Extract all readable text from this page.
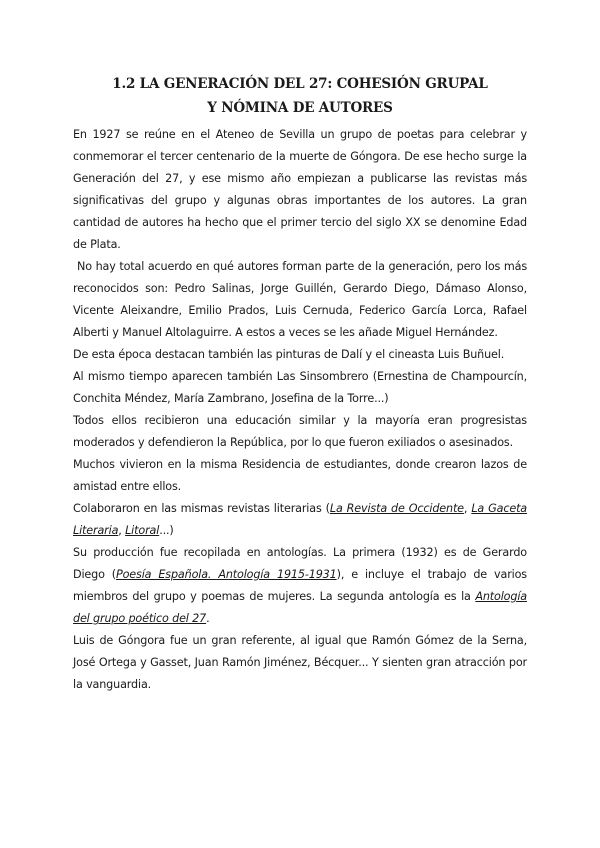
1.2 LA GENERACIÓN DEL 27: COHESIÓN GRUPAL
Y NÓMINA DE AUTORES

En 1927 se reúne en el Ateneo de Sevilla un grupo de poetas para celebrar y conmemorar el tercer centenario de la muerte de Góngora. De ese hecho surge la Generación del 27, y ese mismo año empiezan a publicarse las revistas más significativas del grupo y algunas obras importantes de los autores. La gran cantidad de autores ha hecho que el primer tercio del siglo XX se denomine Edad de Plata.

No hay total acuerdo en qué autores forman parte de la generación, pero los más reconocidos son: Pedro Salinas, Jorge Guillén, Gerardo Diego, Dámaso Alonso, Vicente Aleixandre, Emilio Prados, Luis Cernuda, Federico García Lorca, Rafael Alberti y Manuel Altolaguirre. A estos a veces se les añade Miguel Hernández.

De esta época destacan también las pinturas de Dalí y el cineasta Luis Buñuel.

Al mismo tiempo aparecen también Las Sinsombrero (Ernestina de Champourcín, Conchita Méndez, María Zambrano, Josefina de la Torre...)

Todos ellos recibieron una educación similar y la mayoría eran progresistas moderados y defendieron la República, por lo que fueron exiliados o asesinados.

Muchos vivieron en la misma Residencia de estudiantes, donde crearon lazos de amistad entre ellos.

Colaboraron en las mismas revistas literarias (La Revista de Occidente, La Gaceta Literaria, Litoral...)

Su producción fue recopilada en antologías. La primera (1932) es de Gerardo Diego (Poesía Española. Antología 1915-1931), e incluye el trabajo de varios miembros del grupo y poemas de mujeres. La segunda antología es la Antología del grupo poético del 27.

Luis de Góngora fue un gran referente, al igual que Ramón Gómez de la Serna, José Ortega y Gasset, Juan Ramón Jiménez, Bécquer... Y sienten gran atracción por la vanguardia.
